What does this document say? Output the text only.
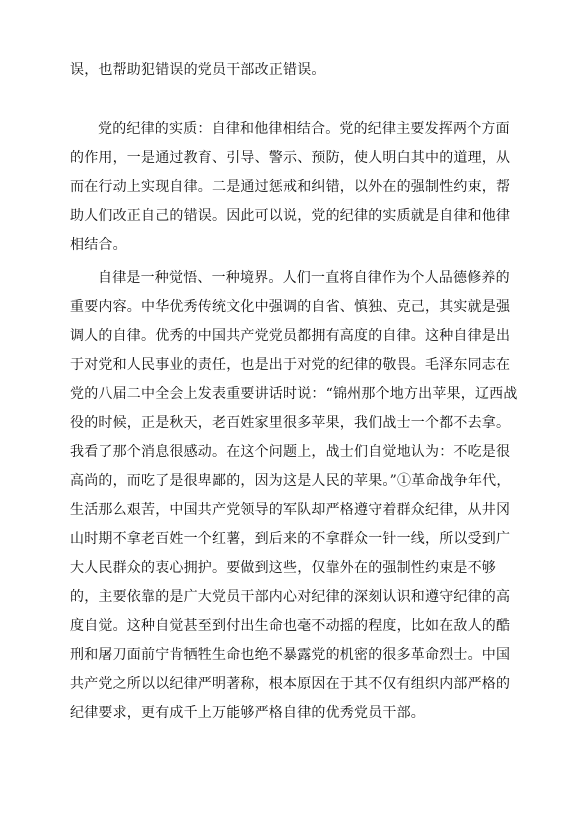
误，也帮助犯错误的党员干部改正错误。

党的纪律的实质：自律和他律相结合。党的纪律主要发挥两个方面的作用，一是通过教育、引导、警示、预防，使人明白其中的道理，从而在行动上实现自律。二是通过惩戒和纠错，以外在的强制性约束，帮助人们改正自己的错误。因此可以说，党的纪律的实质就是自律和他律相结合。

自律是一种觉悟、一种境界。人们一直将自律作为个人品德修养的重要内容。中华优秀传统文化中强调的自省、慎独、克己，其实就是强调人的自律。优秀的中国共产党党员都拥有高度的自律。这种自律是出于对党和人民事业的责任，也是出于对党的纪律的敬畏。毛泽东同志在党的八届二中全会上发表重要讲话时说：“锦州那个地方出苹果，辽西战役的时候，正是秋天，老百姓家里很多苹果，我们战士一个都不去拿。我看了那个消息很感动。在这个问题上，战士们自觉地认为：不吃是很高尚的，而吃了是很卑鄙的，因为这是人民的苹果。”①革命战争年代，生活那么艰苦，中国共产党领导的军队却严格遵守着群众纪律，从井冈山时期不拿老百姓一个红薯，到后来的不拿群众一针一线，所以受到广大人民群众的衷心拥护。要做到这些，仅靠外在的强制性约束是不够的，主要依靠的是广大党员干部内心对纪律的深刻认识和遵守纪律的高度自觉。这种自觉甚至到付出生命也毫不动摇的程度，比如在敌人的酷刑和屠刀面前宁肯牺牲生命也绝不暴露党的机密的很多革命烈士。中国共产党之所以以纪律严明著称，根本原因在于其不仅有组织内部严格的纪律要求，更有成千上万能够严格自律的优秀党员干部。
